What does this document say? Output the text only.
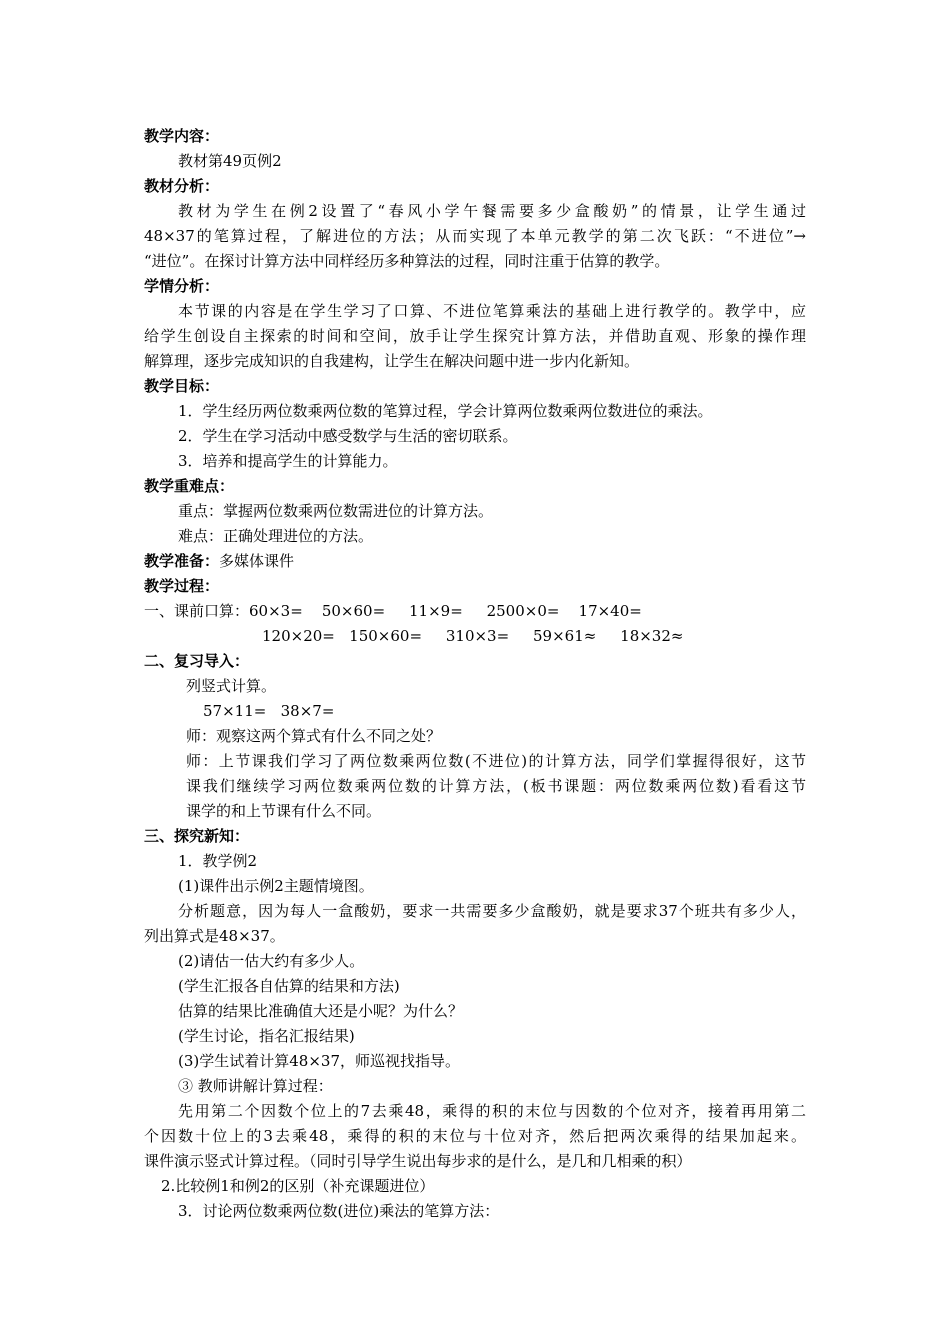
教学内容：
教材第49页例2
教材分析：
教材为学生在例2设置了“春风小学午餐需要多少盒酸奶”的情景，让学生通过
48×37的笔算过程，了解进位的方法；从而实现了本单元教学的第二次飞跃：“不进位”→
“进位”。在探讨计算方法中同样经历多种算法的过程，同时注重于估算的教学。
学情分析：
本节课的内容是在学生学习了口算、不进位笔算乘法的基础上进行教学的。教学中，应
给学生创设自主探索的时间和空间，放手让学生探究计算方法，并借助直观、形象的操作理
解算理，逐步完成知识的自我建构，让学生在解决问题中进一步内化新知。
教学目标：
1．学生经历两位数乘两位数的笔算过程，学会计算两位数乘两位数进位的乘法。
2．学生在学习活动中感受数学与生活的密切联系。
3．培养和提高学生的计算能力。
教学重难点：
重点：掌握两位数乘两位数需进位的计算方法。
难点：正确处理进位的方法。
教学准备： 多媒体课件
教学过程：
一、课前口算：60×3=    50×60=     11×9=     2500×0=    17×40=
120×20=   150×60=     310×3=     59×61≈     18×32≈
二、复习导入：
列竖式计算。
57×11=   38×7=
师：观察这两个算式有什么不同之处？
师：上节课我们学习了两位数乘两位数(不进位)的计算方法，同学们掌握得很好，这节
课我们继续学习两位数乘两位数的计算方法，(板书课题：两位数乘两位数)看看这节
课学的和上节课有什么不同。
三、探究新知：
1．教学例2
(1)课件出示例2主题情境图。
分析题意，因为每人一盒酸奶，要求一共需要多少盒酸奶，就是要求37个班共有多少人，
列出算式是48×37。
(2)请估一估大约有多少人。
(学生汇报各自估算的结果和方法)
估算的结果比准确值大还是小呢？为什么？
(学生讨论，指名汇报结果)
(3)学生试着计算48×37，师巡视找指导。
③ 教师讲解计算过程：
先用第二个因数个位上的7去乘48，乘得的积的末位与因数的个位对齐，接着再用第二
个因数十位上的3去乘48，乘得的积的末位与十位对齐，然后把两次乘得的结果加起来。
课件演示竖式计算过程。（同时引导学生说出每步求的是什么，是几和几相乘的积）
2.比较例1和例2的区别（补充课题进位）
3．讨论两位数乘两位数(进位)乘法的笔算方法：
